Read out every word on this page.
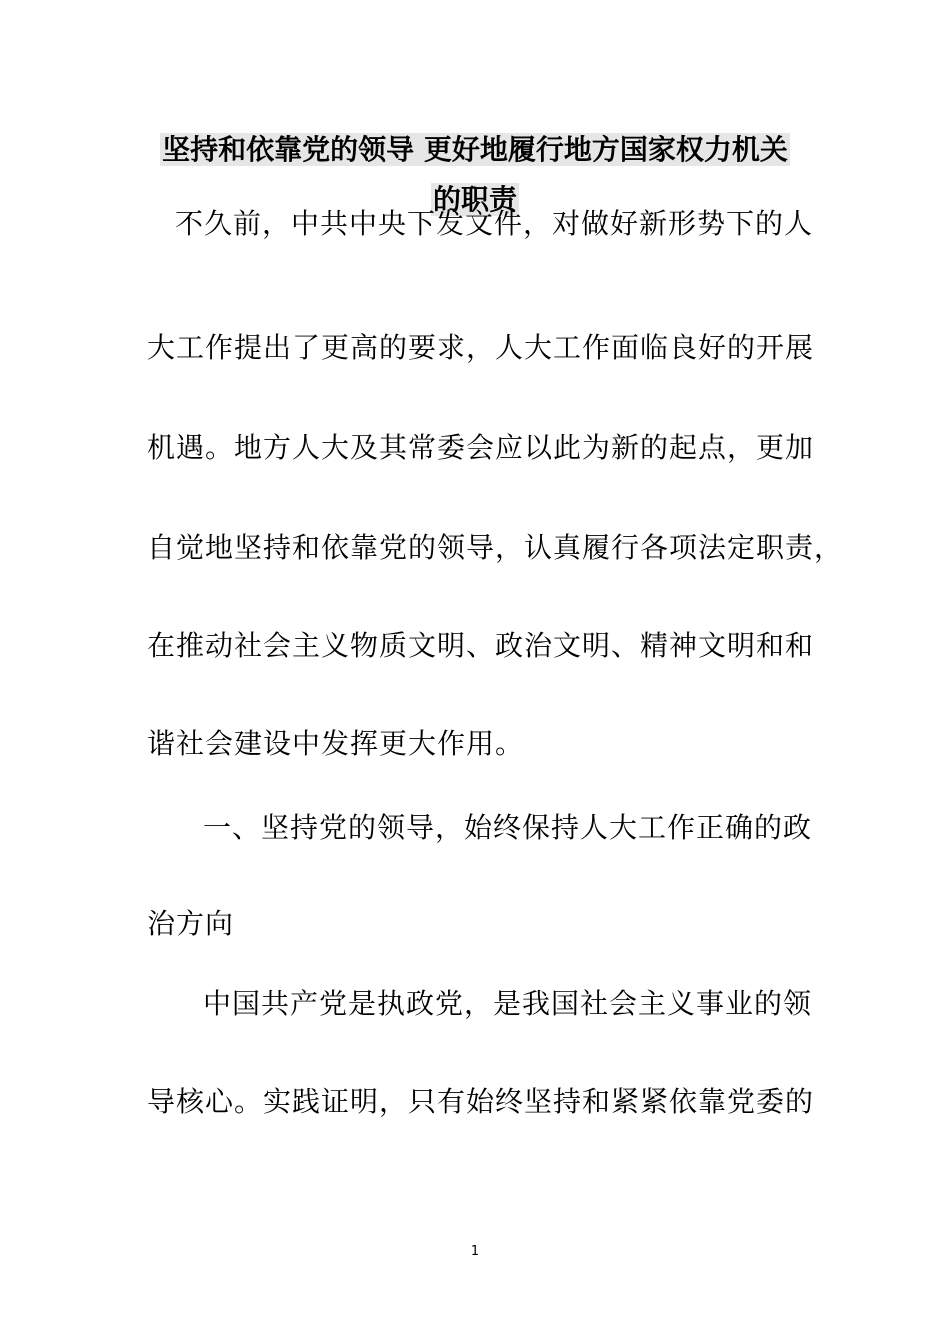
坚持和依靠党的领导 更好地履行地方国家权力机关
的职责
不久前，中共中央下发文件，对做好新形势下的人
大工作提出了更高的要求，人大工作面临良好的开展
机遇。地方人大及其常委会应以此为新的起点，更加
自觉地坚持和依靠党的领导，认真履行各项法定职责，
在推动社会主义物质文明、政治文明、精神文明和和
谐社会建设中发挥更大作用。
一、坚持党的领导，始终保持人大工作正确的政
治方向
中国共产党是执政党，是我国社会主义事业的领
导核心。实践证明，只有始终坚持和紧紧依靠党委的
1
